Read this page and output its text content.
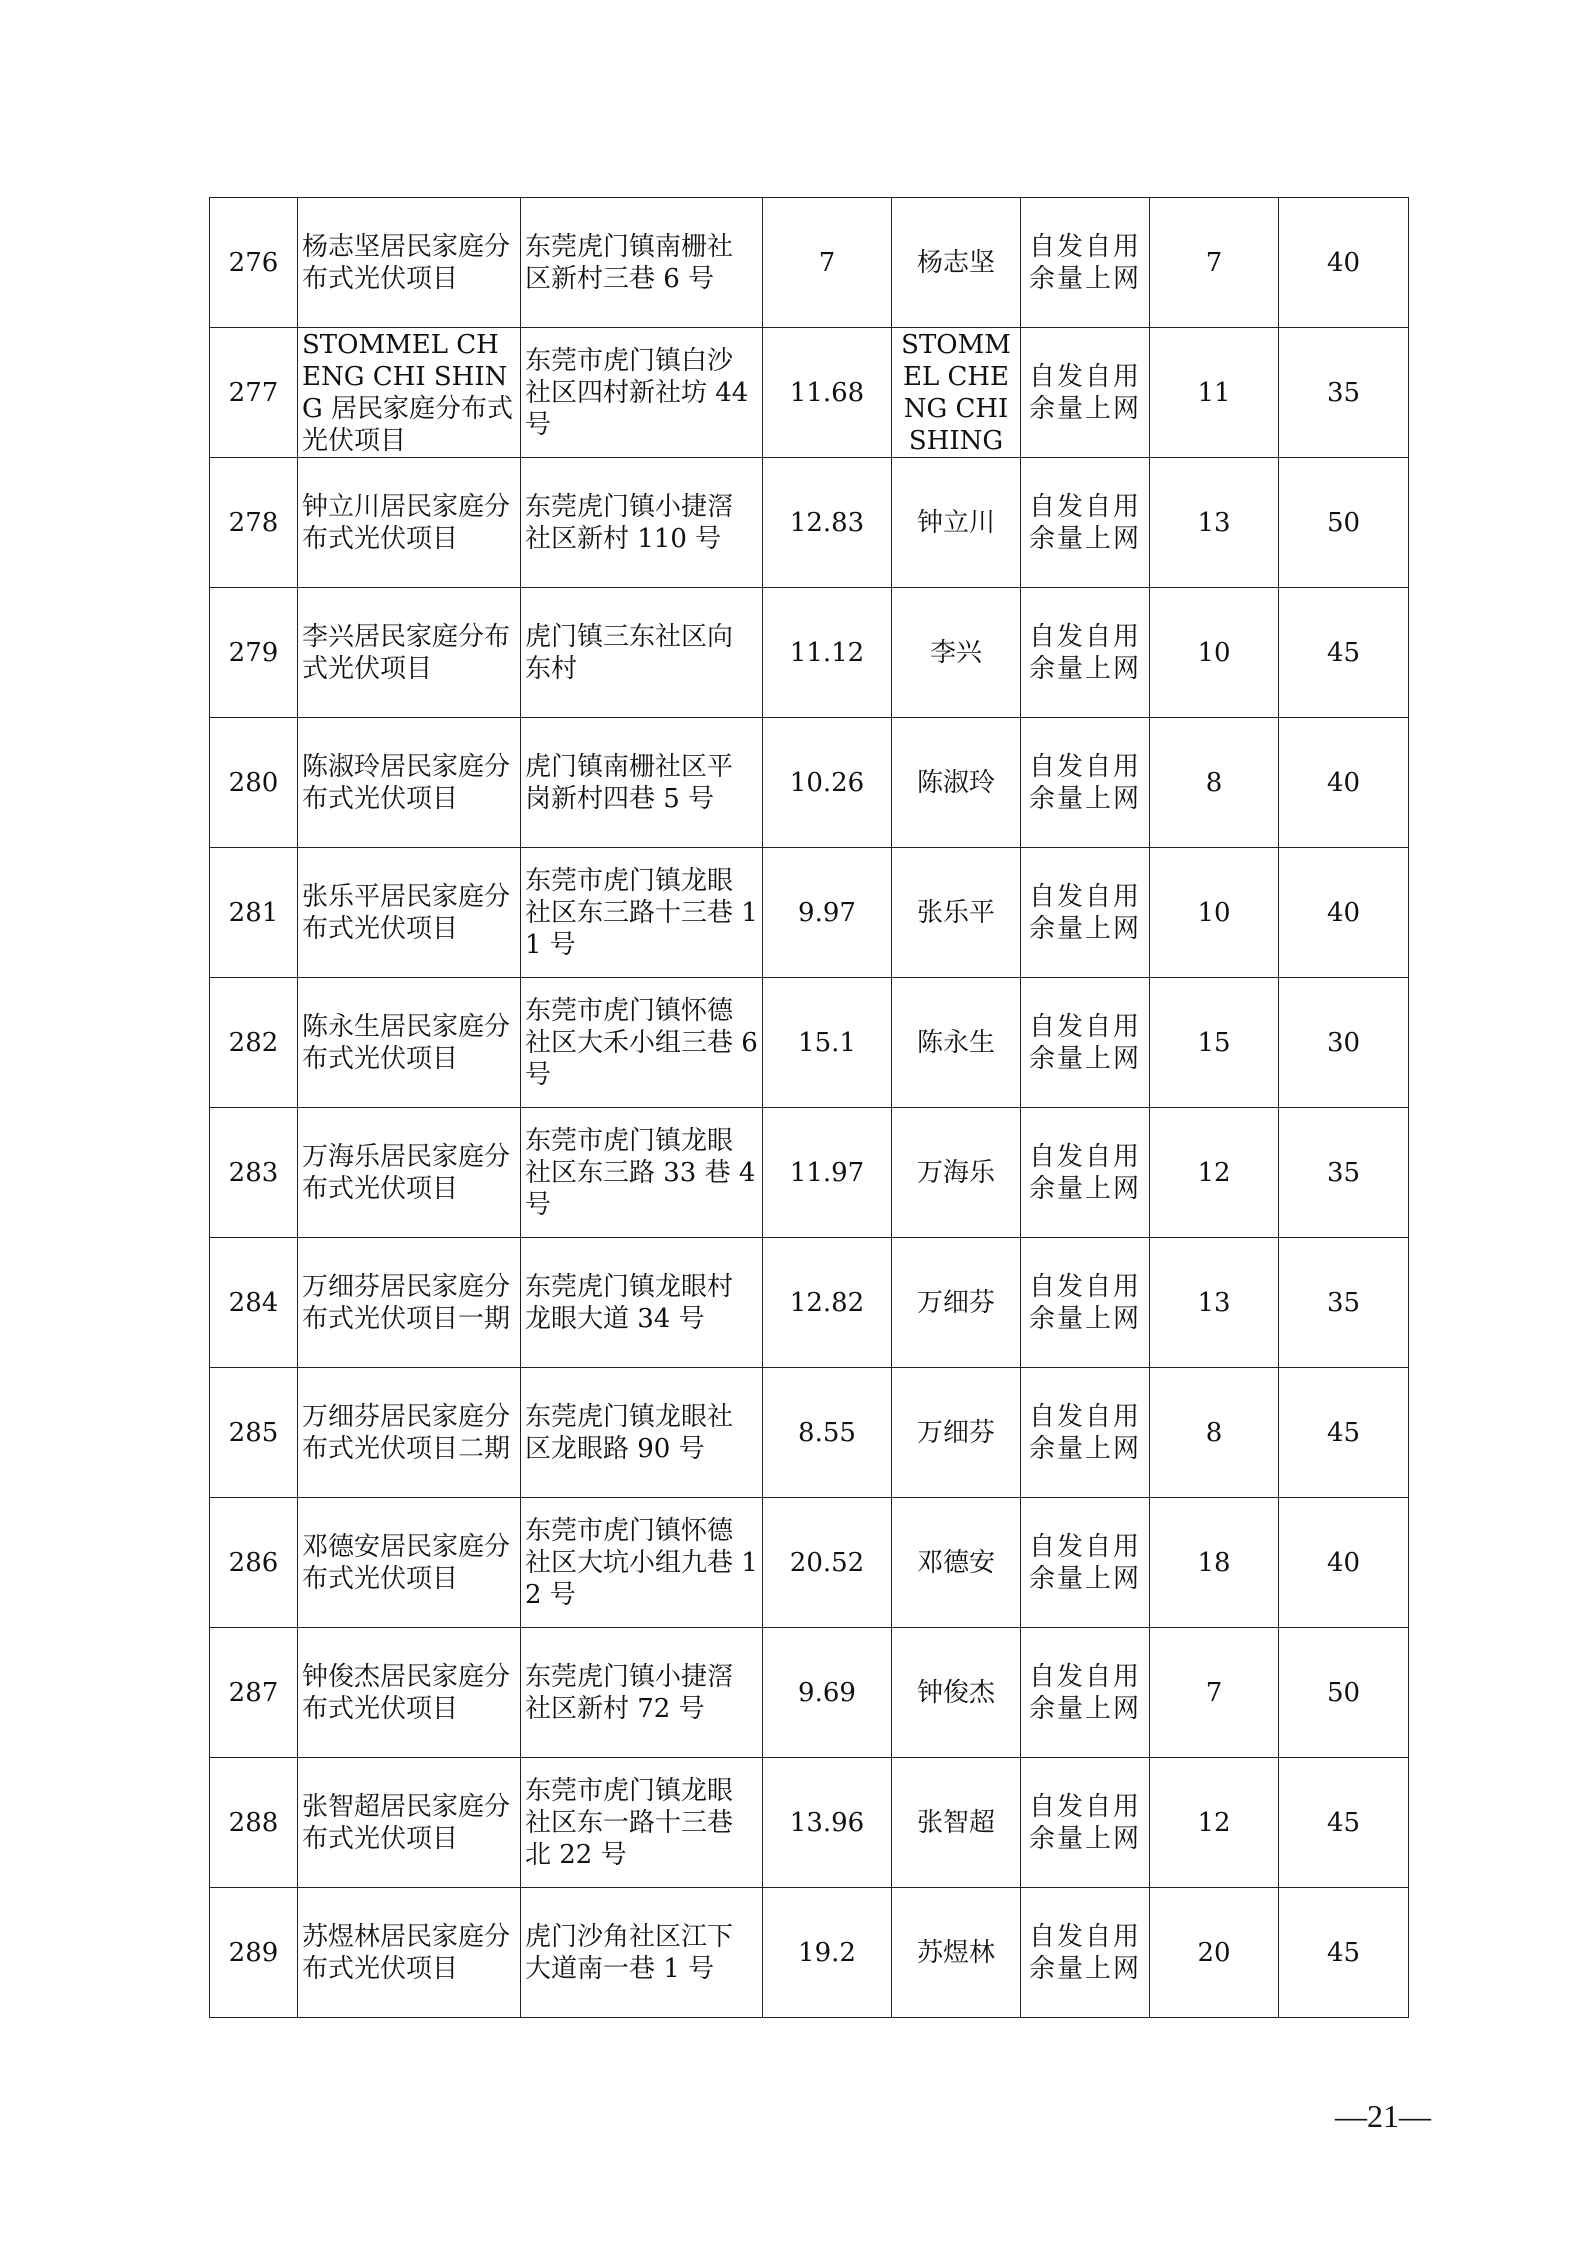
276	杨志坚居民家庭分布式光伏项目	东莞虎门镇南栅社区新村三巷 6 号	7	杨志坚	自发自用余量上网	7	40
277	STOMMEL CHENG CHI SHING 居民家庭分布式光伏项目	东莞市虎门镇白沙社区四村新社坊 44 号	11.68	STOMMEL CHENG CHI SHING	自发自用余量上网	11	35
278	钟立川居民家庭分布式光伏项目	东莞虎门镇小捷滘社区新村 110 号	12.83	钟立川	自发自用余量上网	13	50
279	李兴居民家庭分布式光伏项目	虎门镇三东社区向东村	11.12	李兴	自发自用余量上网	10	45
280	陈淑玲居民家庭分布式光伏项目	虎门镇南栅社区平岗新村四巷 5 号	10.26	陈淑玲	自发自用余量上网	8	40
281	张乐平居民家庭分布式光伏项目	东莞市虎门镇龙眼社区东三路十三巷 11 号	9.97	张乐平	自发自用余量上网	10	40
282	陈永生居民家庭分布式光伏项目	东莞市虎门镇怀德社区大禾小组三巷 6 号	15.1	陈永生	自发自用余量上网	15	30
283	万海乐居民家庭分布式光伏项目	东莞市虎门镇龙眼社区东三路 33 巷 4 号	11.97	万海乐	自发自用余量上网	12	35
284	万细芬居民家庭分布式光伏项目一期	东莞虎门镇龙眼村龙眼大道 34 号	12.82	万细芬	自发自用余量上网	13	35
285	万细芬居民家庭分布式光伏项目二期	东莞虎门镇龙眼社区龙眼路 90 号	8.55	万细芬	自发自用余量上网	8	45
286	邓德安居民家庭分布式光伏项目	东莞市虎门镇怀德社区大坑小组九巷 12 号	20.52	邓德安	自发自用余量上网	18	40
287	钟俊杰居民家庭分布式光伏项目	东莞虎门镇小捷滘社区新村 72 号	9.69	钟俊杰	自发自用余量上网	7	50
288	张智超居民家庭分布式光伏项目	东莞市虎门镇龙眼社区东一路十三巷北 22 号	13.96	张智超	自发自用余量上网	12	45
289	苏煜林居民家庭分布式光伏项目	虎门沙角社区江下大道南一巷 1 号	19.2	苏煜林	自发自用余量上网	20	45
—21—
